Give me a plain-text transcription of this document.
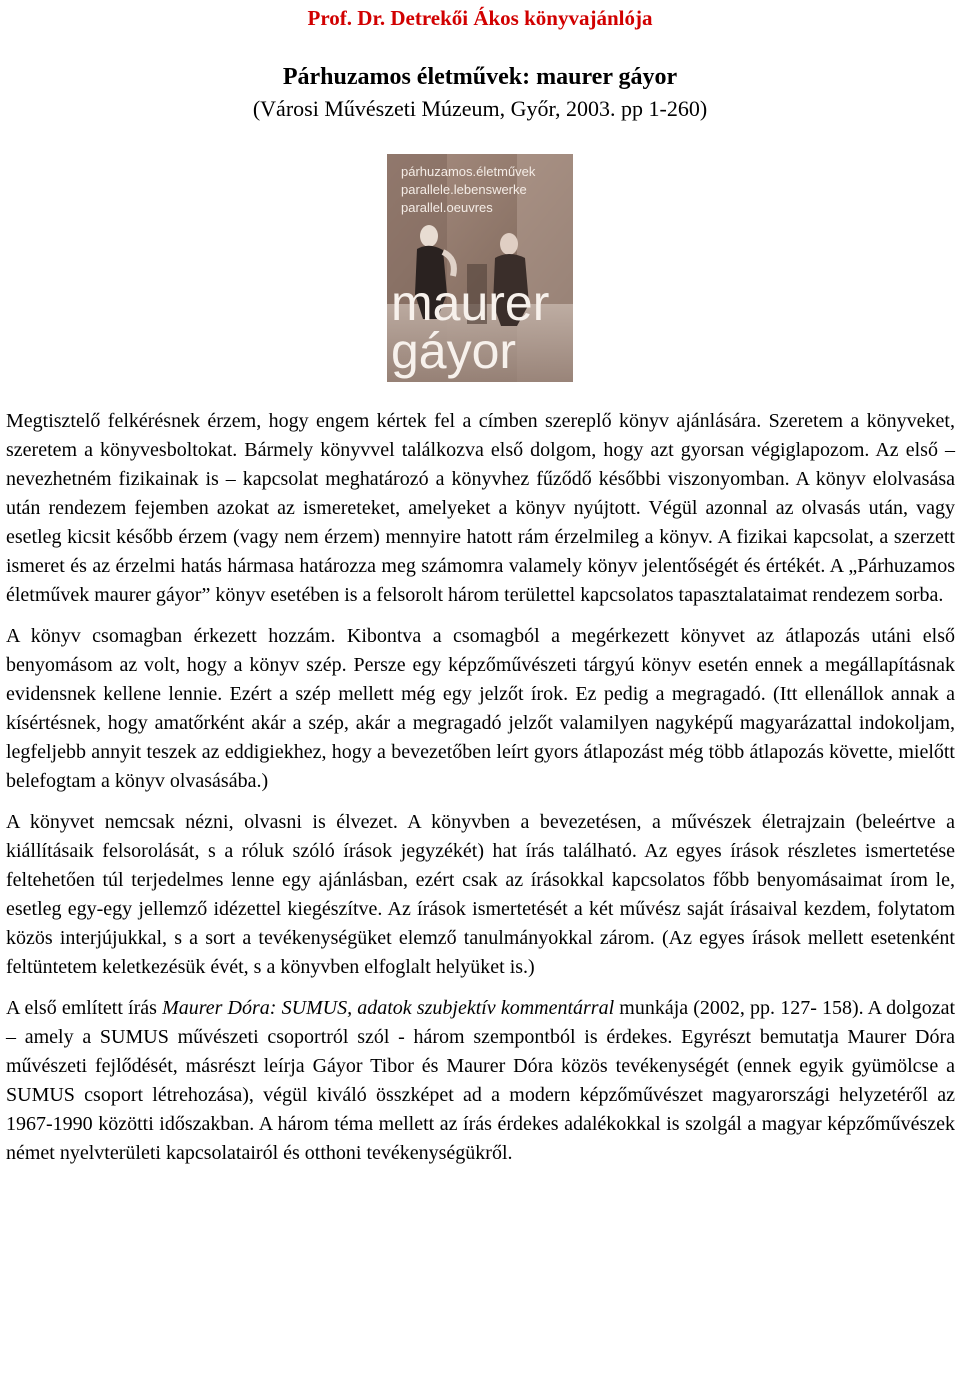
Prof. Dr. Detrekői Ákos könyvajánlója
Párhuzamos életművek: maurer gáyor
(Városi Művészeti Múzeum, Győr, 2003. pp 1-260)
párhuzamos.életművek
parallele.lebenswerke
parallel.oeuvres
maurer
gáyor

Megtisztelő felkérésnek érzem, hogy engem kértek fel a címben szereplő könyv ajánlására. Szeretem a könyveket, szeretem a könyvesboltokat. Bármely könyvvel találkozva első dolgom, hogy azt gyorsan végiglapozom. Az első – nevezhetném fizikainak is – kapcsolat meghatározó a könyvhez fűződő későbbi viszonyomban. A könyv elolvasása után rendezem fejemben azokat az ismereteket, amelyeket a könyv nyújtott. Végül azonnal az olvasás után, vagy esetleg kicsit később érzem (vagy nem érzem) mennyire hatott rám érzelmileg a könyv. A fizikai kapcsolat, a szerzett ismeret és az érzelmi hatás hármasa határozza meg számomra valamely könyv jelentőségét és értékét. A „Párhuzamos életművek maurer gáyor” könyv esetében is a felsorolt három területtel kapcsolatos tapasztalataimat rendezem sorba.

A könyv csomagban érkezett hozzám. Kibontva a csomagból a megérkezett könyvet az átlapozás utáni első benyomásom az volt, hogy a könyv szép. Persze egy képzőművészeti tárgyú könyv esetén ennek a megállapításnak evidensnek kellene lennie. Ezért a szép mellett még egy jelzőt írok. Ez pedig a megragadó. (Itt ellenállok annak a kísértésnek, hogy amatőrként akár a szép, akár a megragadó jelzőt valamilyen nagyképű magyarázattal indokoljam, legfeljebb annyit teszek az eddigiekhez, hogy a bevezetőben leírt gyors átlapozást még több átlapozás követte, mielőtt belefogtam a könyv olvasásába.)

A könyvet nemcsak nézni, olvasni is élvezet. A könyvben a bevezetésen, a művészek életrajzain (beleértve a kiállításaik felsorolását, s a róluk szóló írások jegyzékét) hat írás található. Az egyes írások részletes ismertetése feltehetően túl terjedelmes lenne egy ajánlásban, ezért csak az írásokkal kapcsolatos főbb benyomásaimat írom le, esetleg egy-egy jellemző idézettel kiegészítve. Az írások ismertetését a két művész saját írásaival kezdem, folytatom közös interjújukkal, s a sort a tevékenységüket elemző tanulmányokkal zárom. (Az egyes írások mellett esetenként feltüntetem keletkezésük évét, s a könyvben elfoglalt helyüket is.)

A első említett írás Maurer Dóra: SUMUS, adatok szubjektív kommentárral munkája (2002, pp. 127- 158). A dolgozat – amely a SUMUS művészeti csoportról szól - három szempontból is érdekes. Egyrészt bemutatja Maurer Dóra művészeti fejlődését, másrészt leírja Gáyor Tibor és Maurer Dóra közös tevékenységét (ennek egyik gyümölcse a SUMUS csoport létrehozása), végül kiváló összképet ad a modern képzőművészet magyarországi helyzetéről az 1967-1990 közötti időszakban. A három téma mellett az írás érdekes adalékokkal is szolgál a magyar képzőművészek német nyelvterületi kapcsolatairól és otthoni tevékenységükről.
